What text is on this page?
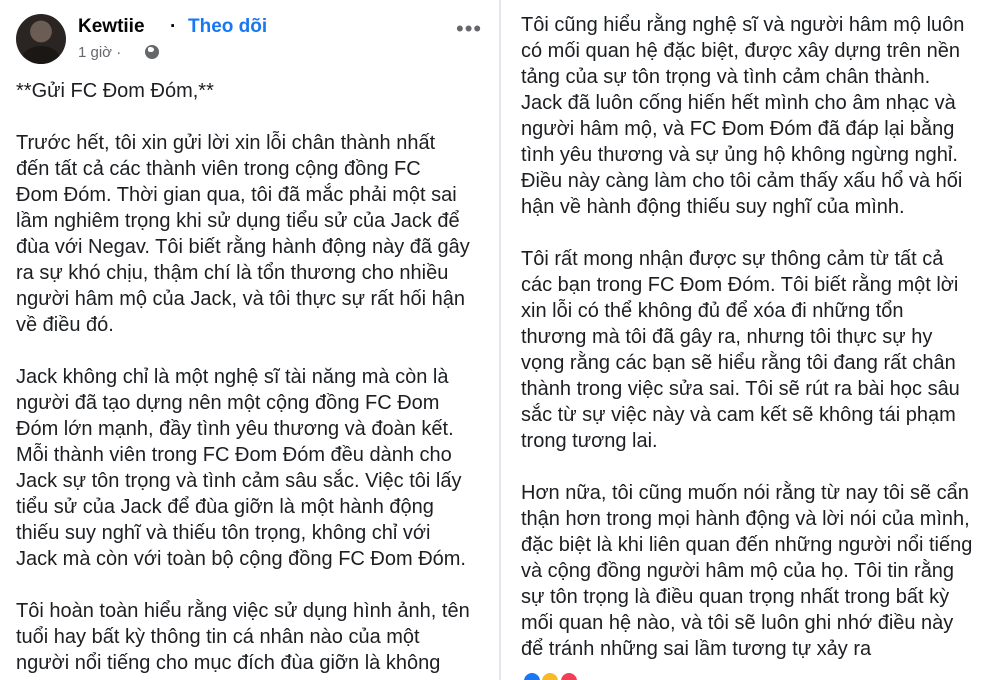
Kewtiie · Theo dõi
1 giờ ·
•••
**Gửi FC Đom Đóm,**
Trước hết, tôi xin gửi lời xin lỗi chân thành nhất
đến tất cả các thành viên trong cộng đồng FC
Đom Đóm. Thời gian qua, tôi đã mắc phải một sai
lầm nghiêm trọng khi sử dụng tiểu sử của Jack để
đùa với Negav. Tôi biết rằng hành động này đã gây
ra sự khó chịu, thậm chí là tổn thương cho nhiều
người hâm mộ của Jack, và tôi thực sự rất hối hận
về điều đó.
Jack không chỉ là một nghệ sĩ tài năng mà còn là
người đã tạo dựng nên một cộng đồng FC Đom
Đóm lớn mạnh, đầy tình yêu thương và đoàn kết.
Mỗi thành viên trong FC Đom Đóm đều dành cho
Jack sự tôn trọng và tình cảm sâu sắc. Việc tôi lấy
tiểu sử của Jack để đùa giỡn là một hành động
thiếu suy nghĩ và thiếu tôn trọng, không chỉ với
Jack mà còn với toàn bộ cộng đồng FC Đom Đóm.
Tôi hoàn toàn hiểu rằng việc sử dụng hình ảnh, tên
tuổi hay bất kỳ thông tin cá nhân nào của một
người nổi tiếng cho mục đích đùa giỡn là không
Tôi cũng hiểu rằng nghệ sĩ và người hâm mộ luôn
có mối quan hệ đặc biệt, được xây dựng trên nền
tảng của sự tôn trọng và tình cảm chân thành.
Jack đã luôn cống hiến hết mình cho âm nhạc và
người hâm mộ, và FC Đom Đóm đã đáp lại bằng
tình yêu thương và sự ủng hộ không ngừng nghỉ.
Điều này càng làm cho tôi cảm thấy xấu hổ và hối
hận về hành động thiếu suy nghĩ của mình.
Tôi rất mong nhận được sự thông cảm từ tất cả
các bạn trong FC Đom Đóm. Tôi biết rằng một lời
xin lỗi có thể không đủ để xóa đi những tổn
thương mà tôi đã gây ra, nhưng tôi thực sự hy
vọng rằng các bạn sẽ hiểu rằng tôi đang rất chân
thành trong việc sửa sai. Tôi sẽ rút ra bài học sâu
sắc từ sự việc này và cam kết sẽ không tái phạm
trong tương lai.
Hơn nữa, tôi cũng muốn nói rằng từ nay tôi sẽ cẩn
thận hơn trong mọi hành động và lời nói của mình,
đặc biệt là khi liên quan đến những người nổi tiếng
và cộng đồng người hâm mộ của họ. Tôi tin rằng
sự tôn trọng là điều quan trọng nhất trong bất kỳ
mối quan hệ nào, và tôi sẽ luôn ghi nhớ điều này
để tránh những sai lầm tương tự xảy ra
